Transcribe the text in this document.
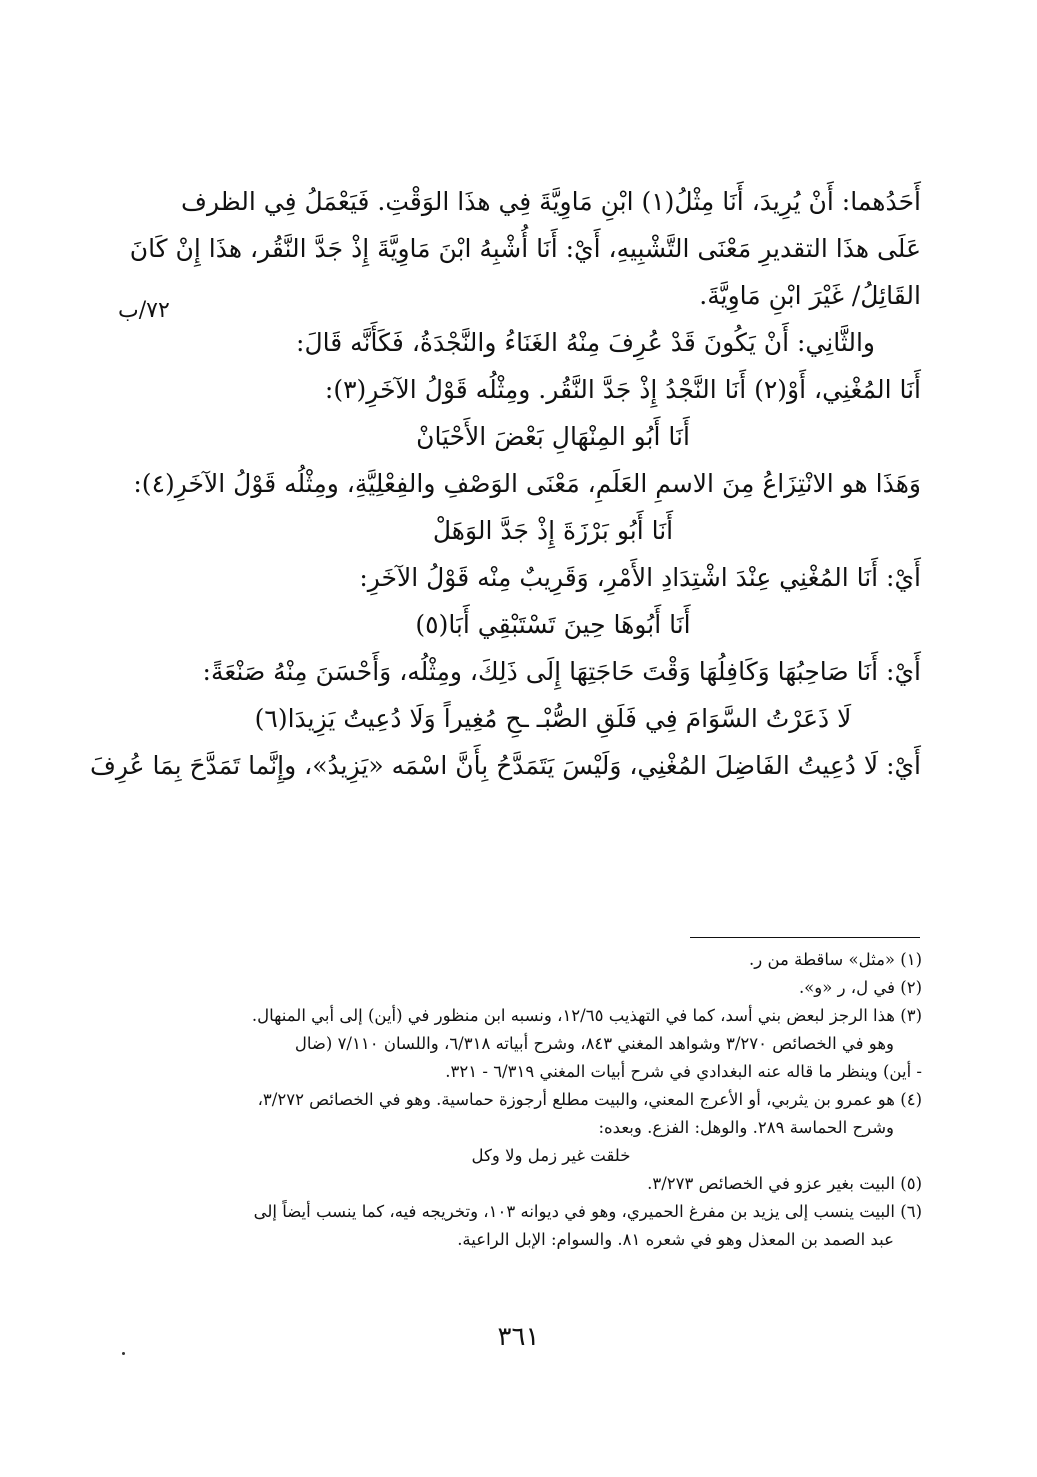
٧٢/ب
أَحَدُهما: أَنْ يُرِيدَ، أَنَا مِثْلُ(١) ابْنِ مَاوِيَّةَ فِي هذَا الوَقْتِ. فَيَعْمَلُ فِي الظرف
عَلَى هذَا التقديرِ مَعْنَى التَّشْبِيهِ، أَيْ: أَنَا أُشْبِهُ ابْنَ مَاوِيَّةَ إِذْ جَدَّ النَّقُر، هذَا إِنْ كَانَ
القَائِلُ/ غَيْرَ ابْنِ مَاوِيَّةَ.
والثَّانِي: أَنْ يَكُونَ قَدْ عُرِفَ مِنْهُ الغَنَاءُ والنَّجْدَةُ، فَكَأَنَّه قَالَ:
أَنَا المُغْنِي، أَوْ(٢) أَنَا النَّجْدُ إِذْ جَدَّ النَّقُر. ومِثْلُه قَوْلُ الآخَرِ(٣):
أَنَا أَبُو المِنْهَالِ بَعْضَ الأَحْيَانْ
وَهَذَا هو الانْتِزَاعُ مِنَ الاسمِ العَلَمِ، مَعْنَى الوَصْفِ والفِعْلِيَّةِ، ومِثْلُه قَوْلُ الآخَرِ(٤):
أَنَا أَبُو بَرْزَةَ إِذْ جَدَّ الوَهَلْ
أَيْ: أَنَا المُغْنِي عِنْدَ اشْتِدَادِ الأَمْرِ، وَقَرِيبٌ مِنْه قَوْلُ الآخَرِ:
أَنَا أَبُوهَا حِينَ تَسْتَبْقِي أَبَا(٥)
أَيْ: أَنَا صَاحِبُهَا وَكَافِلُهَا وَقْتَ حَاجَتِهَا إِلَى ذَلِكَ، ومِثْلُه، وَأَحْسَنَ مِنْهُ صَنْعَةً:
لَا ذَعَرْتُ السَّوَامَ فِي فَلَقِ الصُّبْـ ـحِ مُغِيراً وَلَا دُعِيتُ يَزِيدَا(٦)
أَيْ: لَا دُعِيتُ الفَاضِلَ المُغْنِي، وَلَيْسَ يَتَمَدَّحُ بِأَنَّ اسْمَه «يَزِيدُ»، وإِنَّما تَمَدَّحَ بِمَا عُرِفَ
(١) «مثل» ساقطة من ر.
(٢) في ل، ر «و».
(٣) هذا الرجز لبعض بني أسد، كما في التهذيب ١٢/٦٥، ونسبه ابن منظور في (أين) إلى أبي المنهال.
وهو في الخصائص ٣/٢٧٠ وشواهد المغني ٨٤٣، وشرح أبياته ٦/٣١٨، واللسان ٧/١١٠ (ضال
- أين) وينظر ما قاله عنه البغدادي في شرح أبيات المغني ٦/٣١٩ - ٣٢١.
(٤) هو عمرو بن يثربي، أو الأعرج المعني، والبيت مطلع أرجوزة حماسية. وهو في الخصائص ٣/٢٧٢،
وشرح الحماسة ٢٨٩. والوهل: الفزع. وبعده:
خلقت غير زمل ولا وكل
(٥) البيت بغير عزو في الخصائص ٣/٢٧٣.
(٦) البيت ينسب إلى يزيد بن مفرغ الحميري، وهو في ديوانه ١٠٣، وتخريجه فيه، كما ينسب أيضاً إلى
عبد الصمد بن المعذل وهو في شعره ٨١. والسوام: الإبل الراعية.
٣٦١
